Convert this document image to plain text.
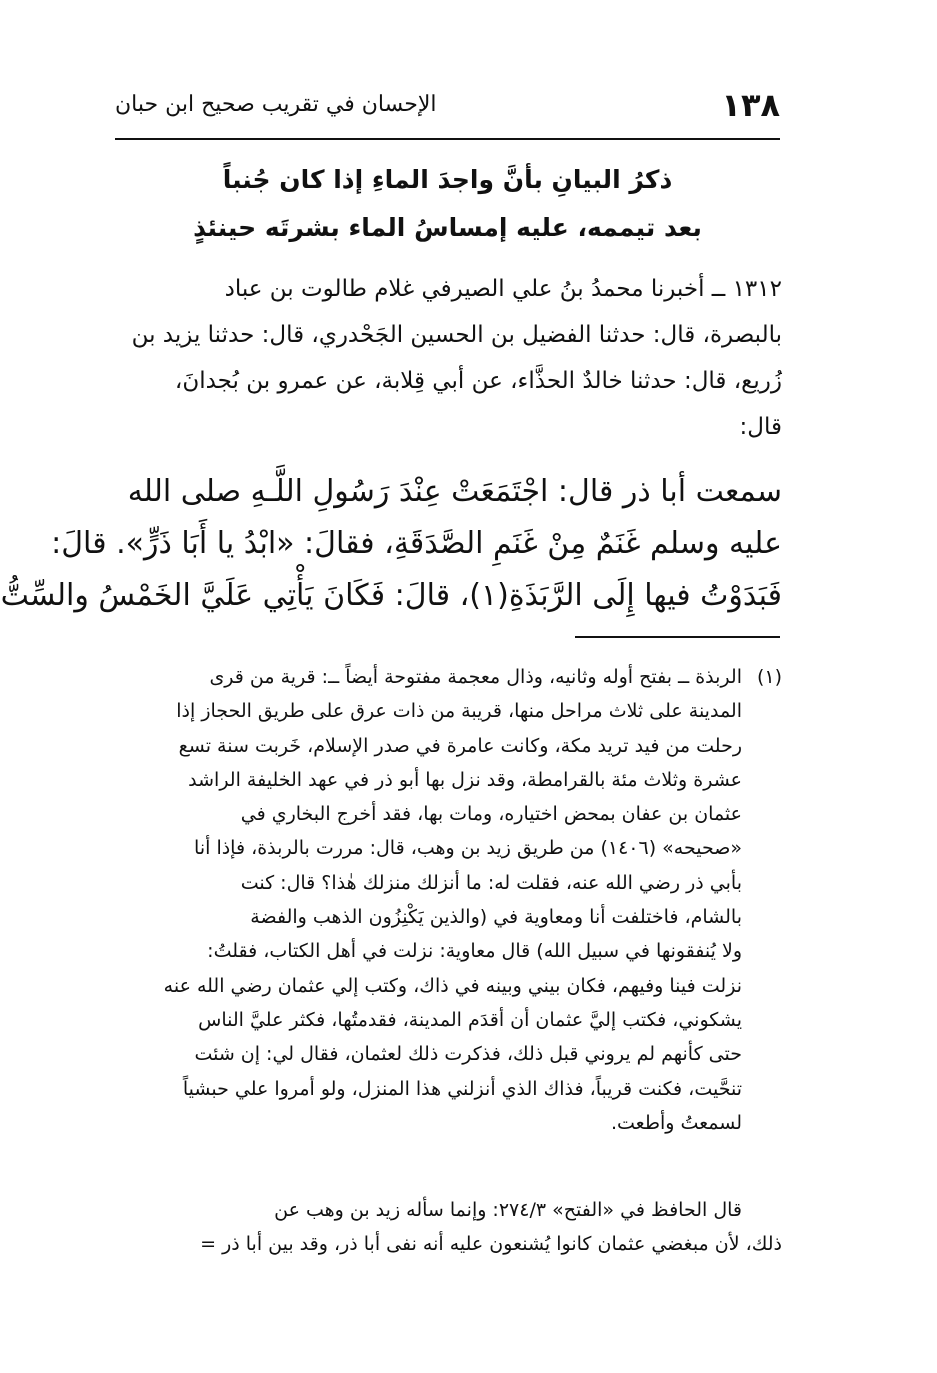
١٣٨
الإحسان في تقريب صحيح ابن حبان
ذكرُ البيانِ بأنَّ واجدَ الماءِ إذا كان جُنباً
بعد تيممه، عليه إمساسُ الماء بشرتَه حينئذٍ
١٣١٢ ــ أخبرنا محمدُ بنُ علي الصيرفي غلام طالوت بن عباد
بالبصرة، قال: حدثنا الفضيل بن الحسين الجَحْدري، قال: حدثنا يزيد بن
زُريع، قال: حدثنا خالدٌ الحذَّاء، عن أبي قِلابة، عن عمرو بن بُجدانَ،
قال:
سمعت أبا ذر قال: اجْتَمَعَتْ عِنْدَ رَسُولِ اللَّـهِ صلى الله
عليه وسلم غَنَمٌ مِنْ غَنَمِ الصَّدَقَةِ، فقالَ: «ابْدُ يا أَبَا ذَرٍّ». قالَ:
فَبَدَوْتُ فيها إِلَى الرَّبَذَةِ(١)، قالَ: فَكَانَ يَأْتِي عَلَيَّ الخَمْسُ والسِّتُّ
(١)الربذة ــ بفتح أوله وثانيه، وذال معجمة مفتوحة أيضاً ــ: قرية من قرى
المدينة على ثلاث مراحل منها، قريبة من ذات عرق على طريق الحجاز إذا
رحلت من فيد تريد مكة، وكانت عامرة في صدر الإسلام، خَربت سنة تسع
عشرة وثلاث مئة بالقرامطة، وقد نزل بها أبو ذر في عهد الخليفة الراشد
عثمان بن عفان بمحض اختياره، ومات بها، فقد أخرج البخاري في
«صحيحه» (١٤٠٦) من طريق زيد بن وهب، قال: مررت بالربذة، فإذا أنا
بأبي ذر رضي الله عنه، فقلت له: ما أنزلك منزلك هٰذا؟ قال: كنت
بالشام، فاختلفت أنا ومعاوية في (والذين يَكْنِزُون الذهب والفضة
ولا يُنفقونها في سبيل الله) قال معاوية: نزلت في أهل الكتاب، فقلتُ:
نزلت فينا وفيهم، فكان بيني وبينه في ذاك، وكتب إلي عثمان رضي الله عنه
يشكوني، فكتب إليَّ عثمان أن أقدَم المدينة، فقدمتُها، فكثر عليَّ الناس
حتى كأنهم لم يروني قبل ذلك، فذكرت ذلك لعثمان، فقال لي: إن شئت
تنحَّيت، فكنت قريباً، فذاك الذي أنزلني هذا المنزل، ولو أمروا علي حبشياً
لسمعتُ وأطعت.
قال الحافظ في «الفتح» ٢٧٤/٣: وإنما سأله زيد بن وهب عن
ذلك، لأن مبغضي عثمان كانوا يُشنعون عليه أنه نفى أبا ذر، وقد بين أبا ذر =
